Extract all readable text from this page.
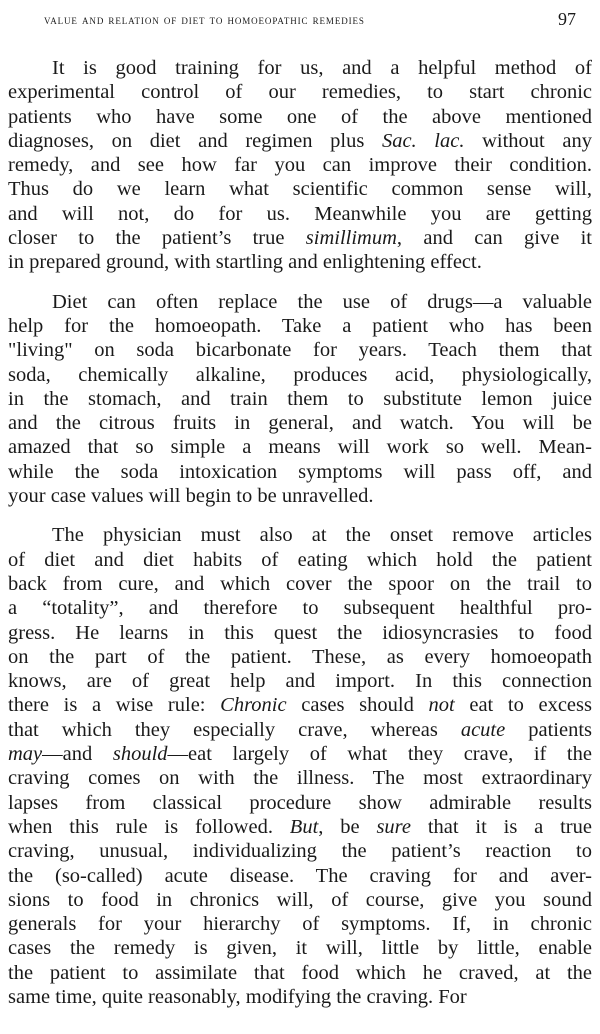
value and relation of diet to homoeopathic remedies	97
It is good training for us, and a helpful method of
experimental control of our remedies, to start chronic
patients who have some one of the above mentioned
diagnoses, on diet and regimen plus Sac. lac. without any
remedy, and see how far you can improve their condition.
Thus do we learn what scientific common sense will,
and will not, do for us. Meanwhile you are getting
closer to the patient’s true simillimum, and can give it
in prepared ground, with startling and enlightening effect.
Diet can often replace the use of drugs—a valuable
help for the homoeopath. Take a patient who has been
"living" on soda bicarbonate for years. Teach them that
soda, chemically alkaline, produces acid, physiologically,
in the stomach, and train them to substitute lemon juice
and the citrous fruits in general, and watch. You will be
amazed that so simple a means will work so well. Mean-
while the soda intoxication symptoms will pass off, and
your case values will begin to be unravelled.
The physician must also at the onset remove articles
of diet and diet habits of eating which hold the patient
back from cure, and which cover the spoor on the trail to
a “totality”, and therefore to subsequent healthful pro-
gress. He learns in this quest the idiosyncrasies to food
on the part of the patient. These, as every homoeopath
knows, are of great help and import. In this connection
there is a wise rule: Chronic cases should not eat to excess
that which they especially crave, whereas acute patients
may—and should—eat largely of what they crave, if the
craving comes on with the illness. The most extraordinary
lapses from classical procedure show admirable results
when this rule is followed. But, be sure that it is a true
craving, unusual, individualizing the patient’s reaction to
the (so-called) acute disease. The craving for and aver-
sions to food in chronics will, of course, give you sound
generals for your hierarchy of symptoms. If, in chronic
cases the remedy is given, it will, little by little, enable
the patient to assimilate that food which he craved, at the
same time, quite reasonably, modifying the craving. For
